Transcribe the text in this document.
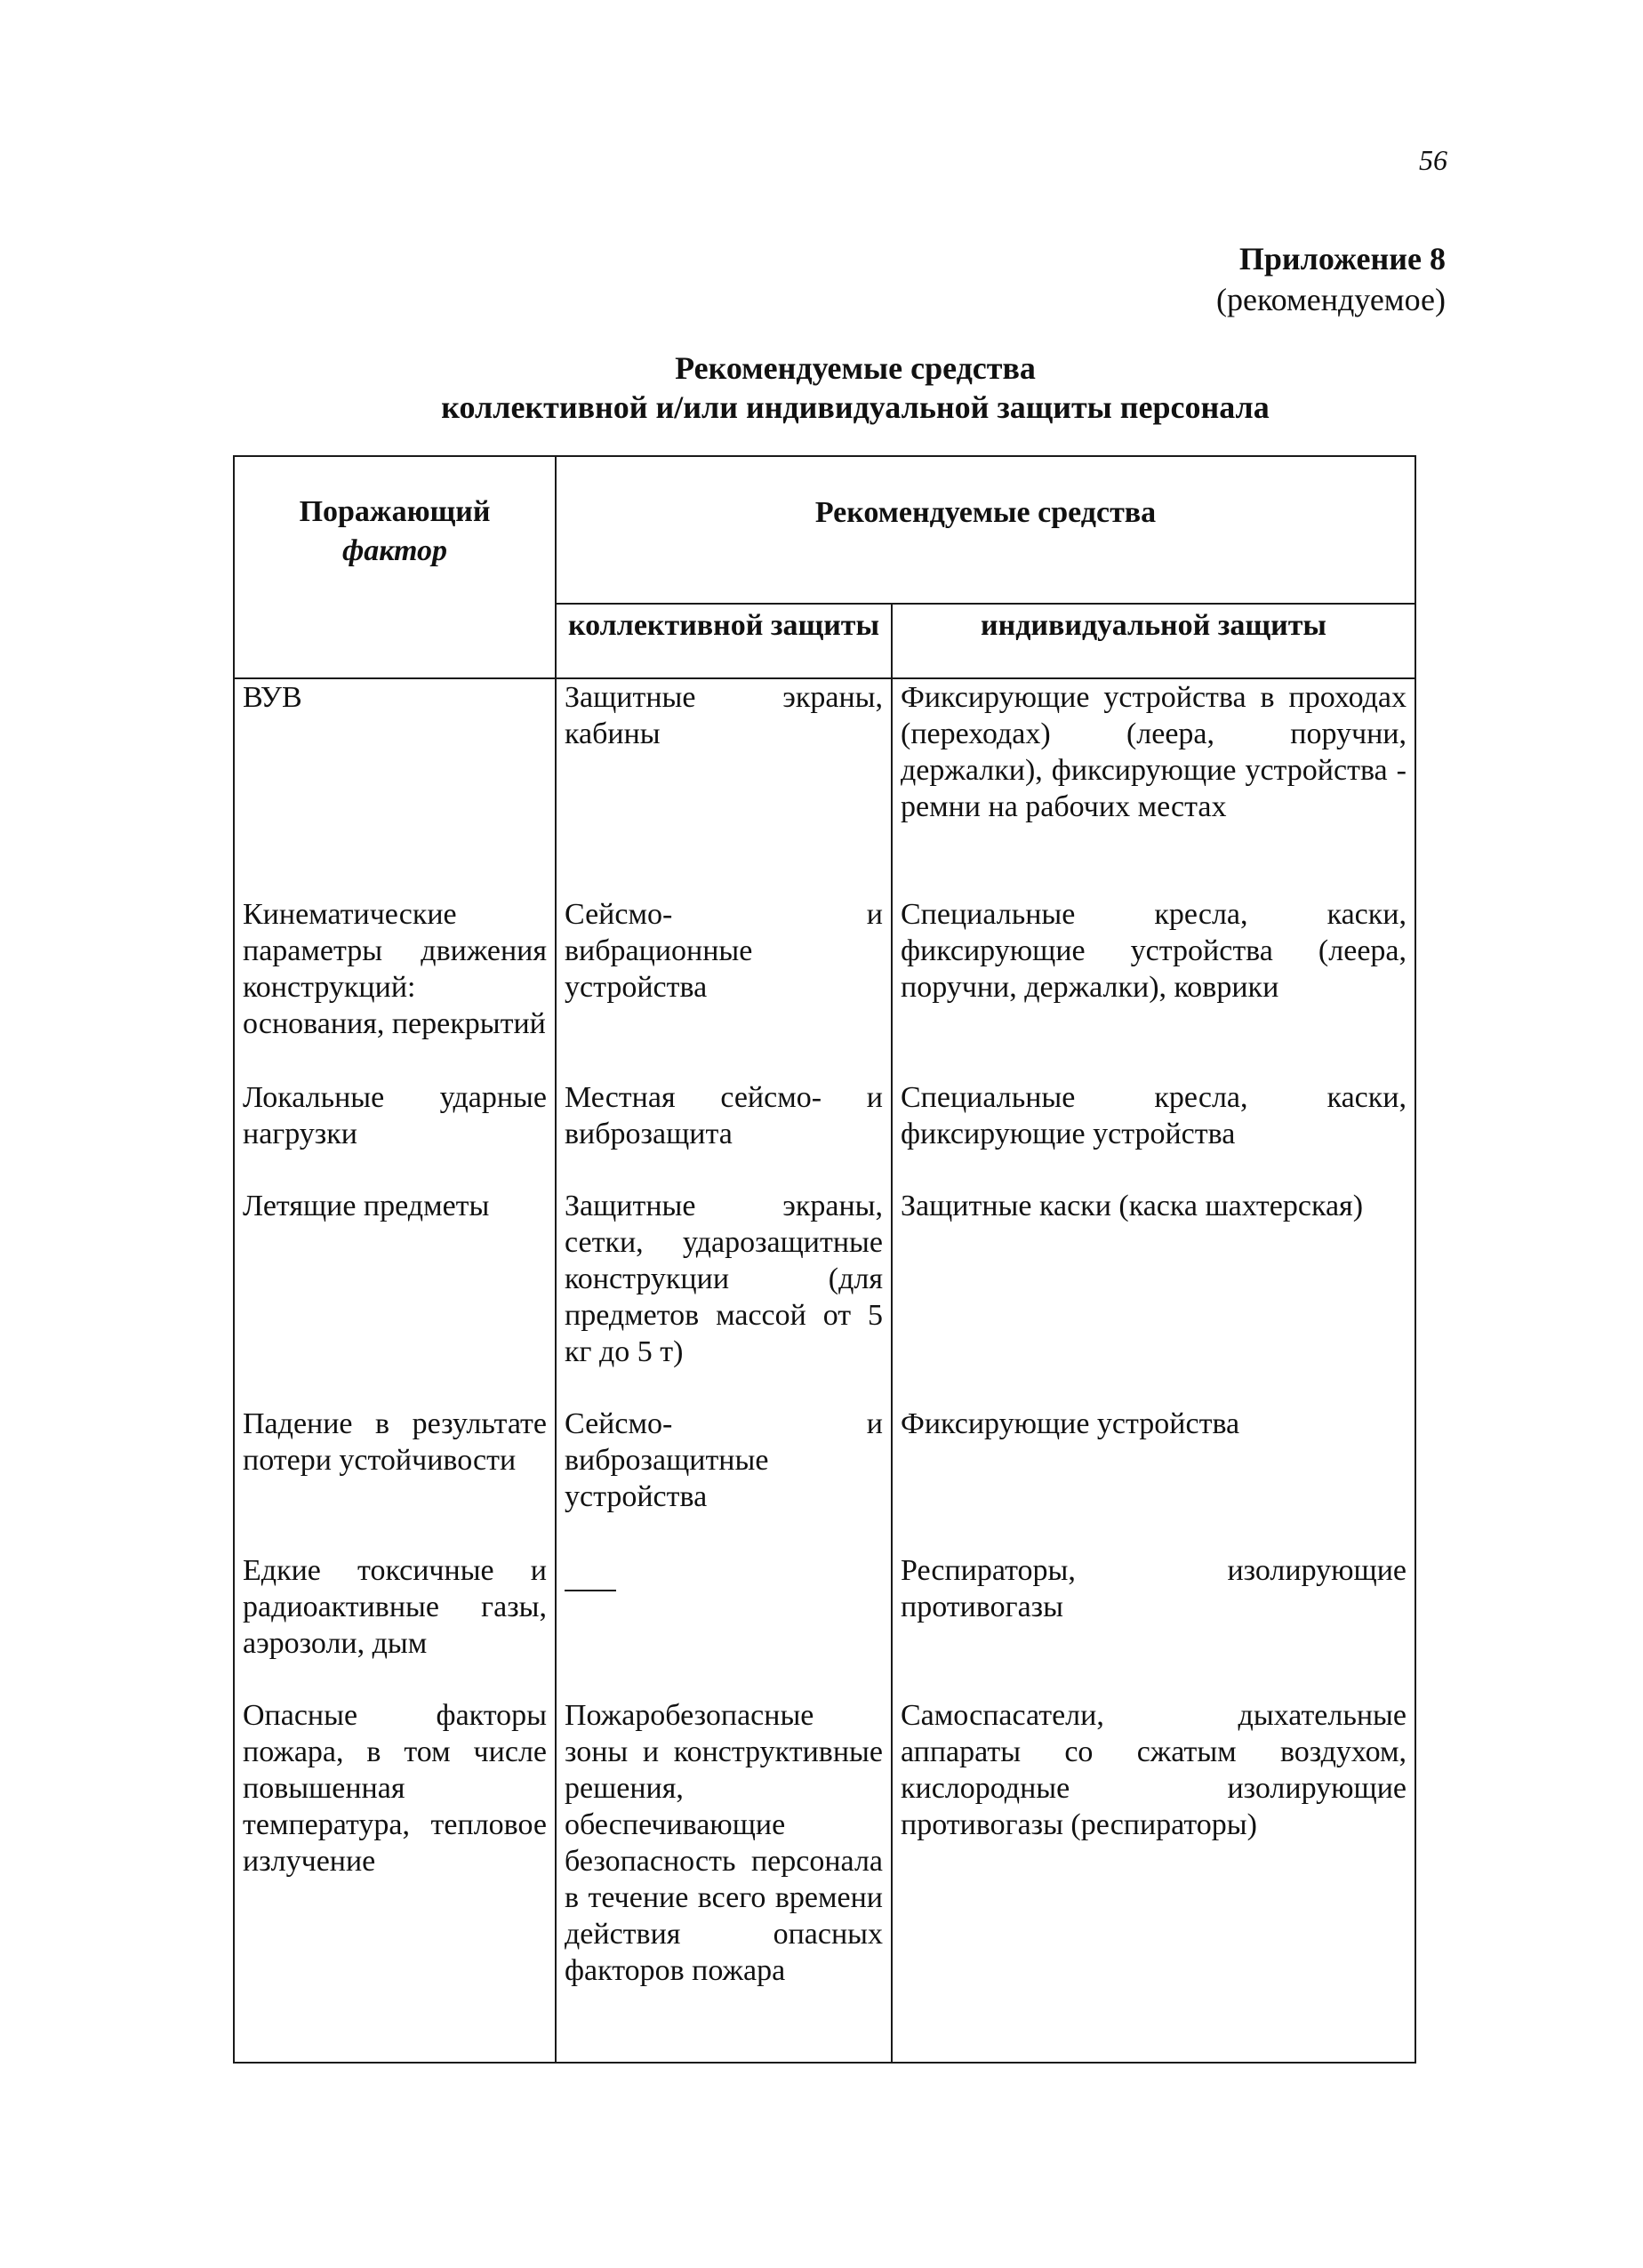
56
Приложение 8
(рекомендуемое)
Рекомендуемые средства
коллективной и/или индивидуальной защиты персонала
Поражающий
фактор	Рекомендуемые средства	
	коллективной защиты	индивидуальной защиты
ВУВ	Защитные экраны, кабины	Фиксирующие устройства в проходах (переходах) (леера, поручни, держалки), фиксирующие устройства - ремни на рабочих местах
Кинематические параметры движения конструкций: основания, перекрытий	Сейсмо- и вибрационные устройства	Специальные кресла, каски, фиксирующие устройства (леера, поручни, держалки), коврики
Локальные ударные нагрузки	Местная сейсмо- и виброзащита	Специальные кресла, каски, фиксирующие устройства
Летящие предметы	Защитные экраны, сетки, ударозащитные конструкции (для предметов массой от 5 кг до 5 т)	Защитные каски (каска шахтерская)
Падение в результате потери устойчивости	Сейсмо- и виброзащитные устройства	Фиксирующие устройства
Едкие токсичные и радиоактивные газы, аэрозоли, дым		Респираторы, изолирующие противогазы
Опасные факторы пожара, в том числе повышенная температура, тепловое излучение	Пожаробезопасные зоны и конструктивные решения, обеспечивающие безопасность персонала в течение всего времени действия опасных факторов пожара	Самоспасатели, дыхательные аппараты со сжатым воздухом, кислородные изолирующие противогазы (респираторы)
